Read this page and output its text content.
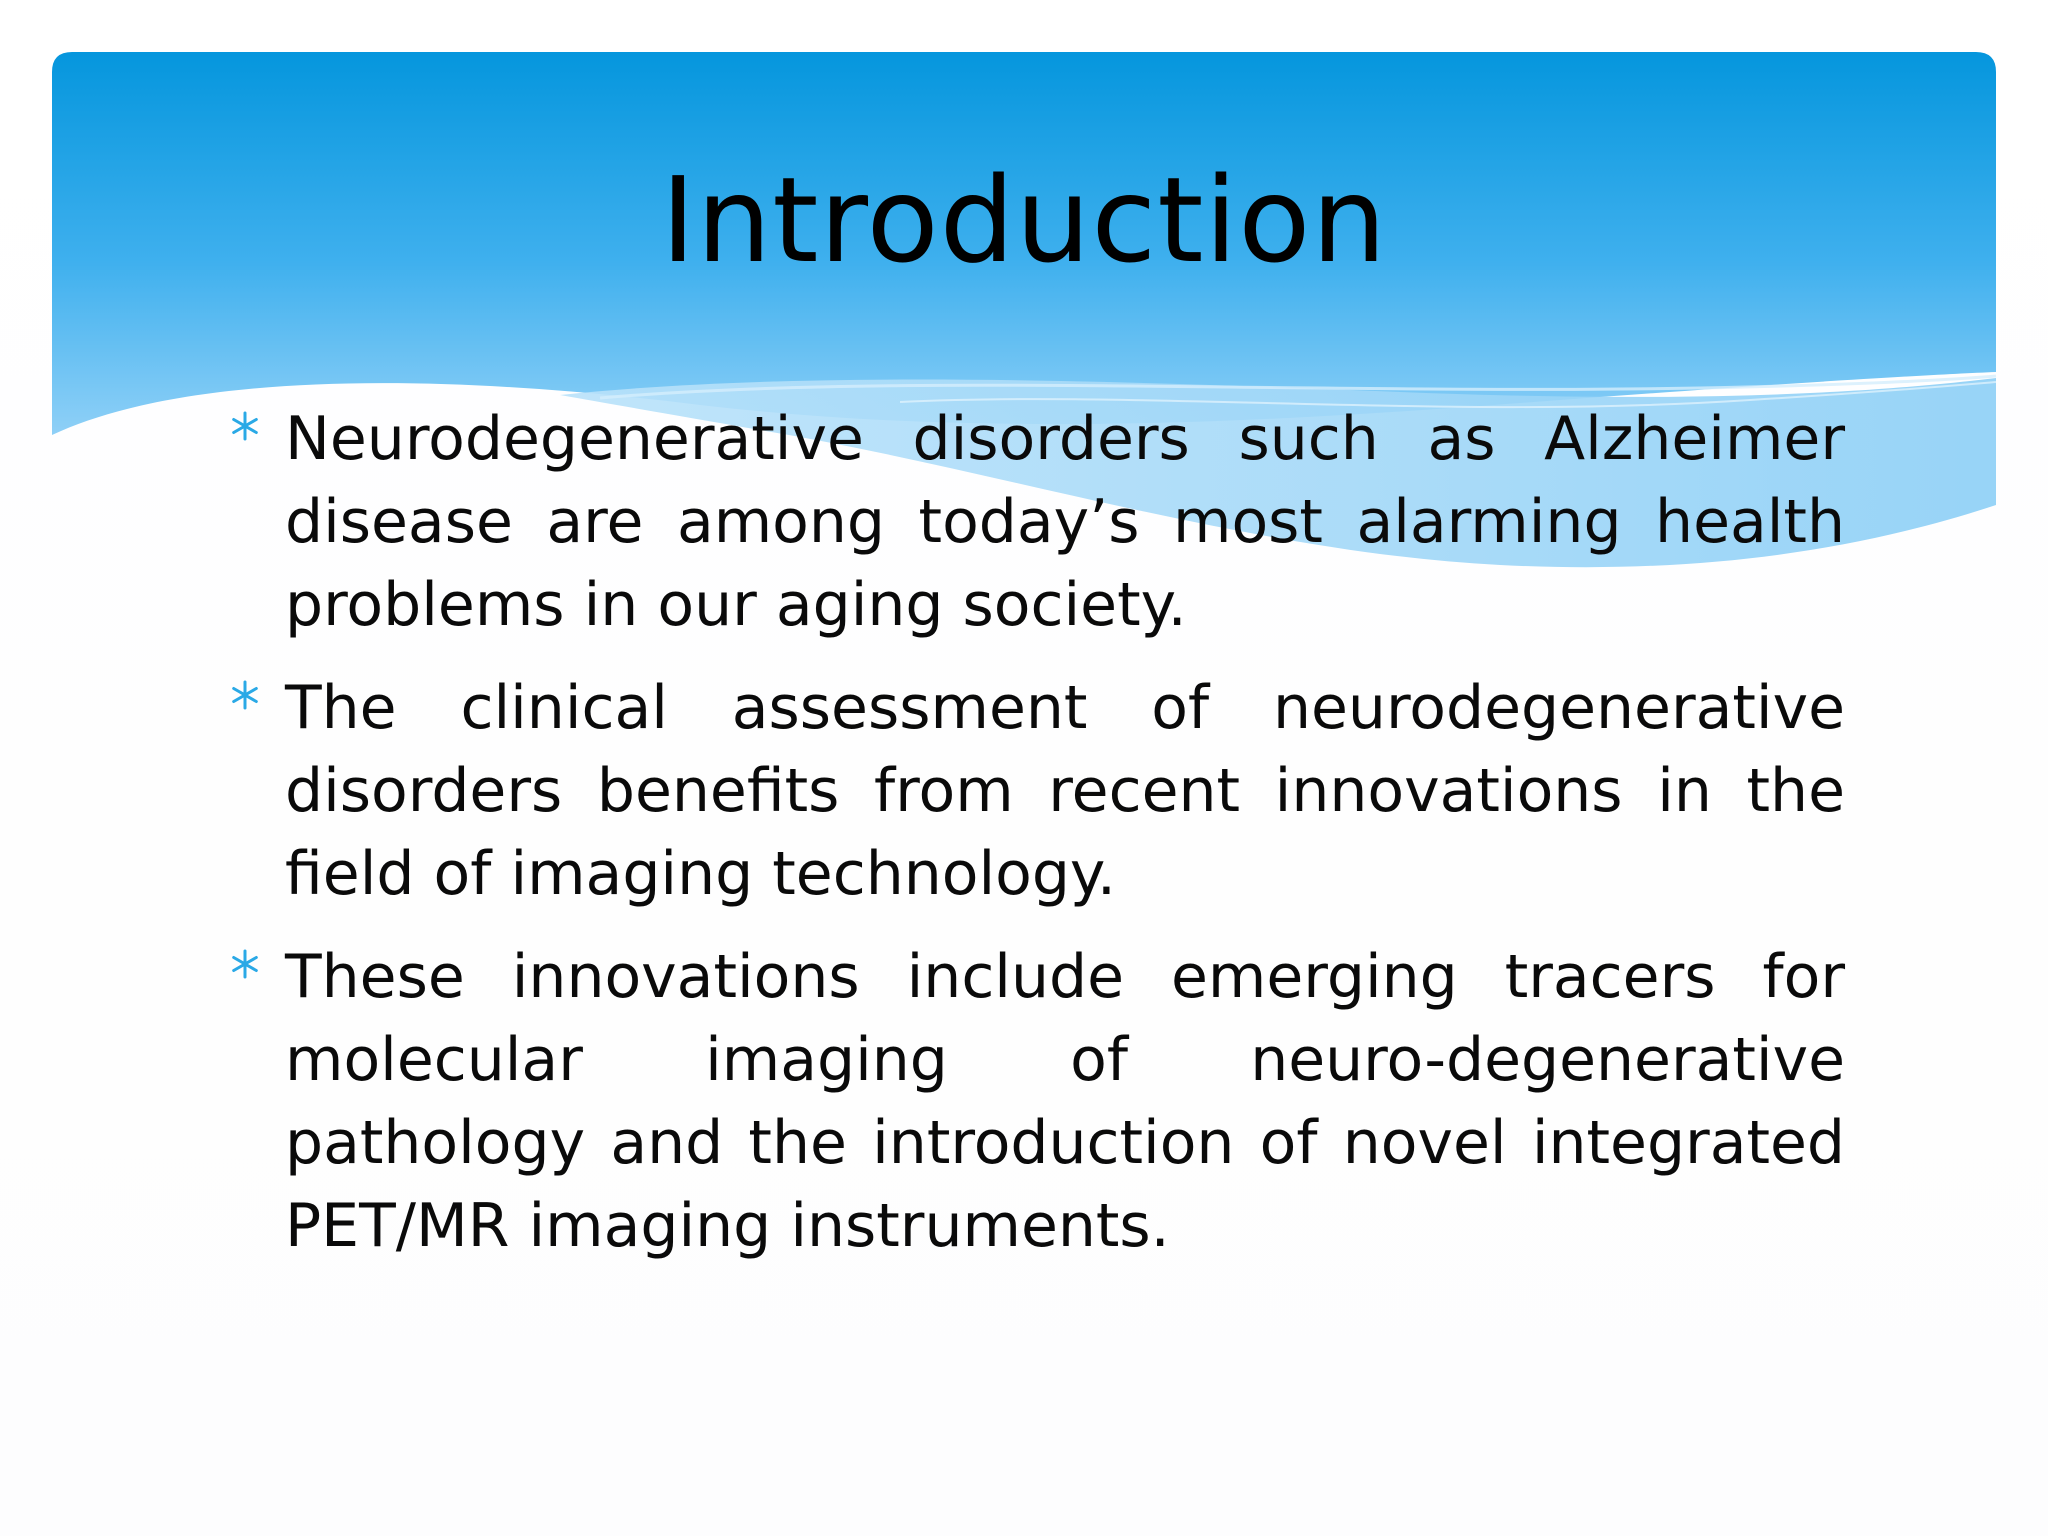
Introduction
Neurodegenerative disorders such as Alzheimer disease are among today’s most alarming health problems in our aging society.
The clinical assessment of neurodegenerative disorders benefits from recent innovations in the field of imaging technology.
These innovations include emerging tracers for molecular imaging of neuro-degenerative pathology and the introduction of novel integrated PET/MR imaging instruments.
